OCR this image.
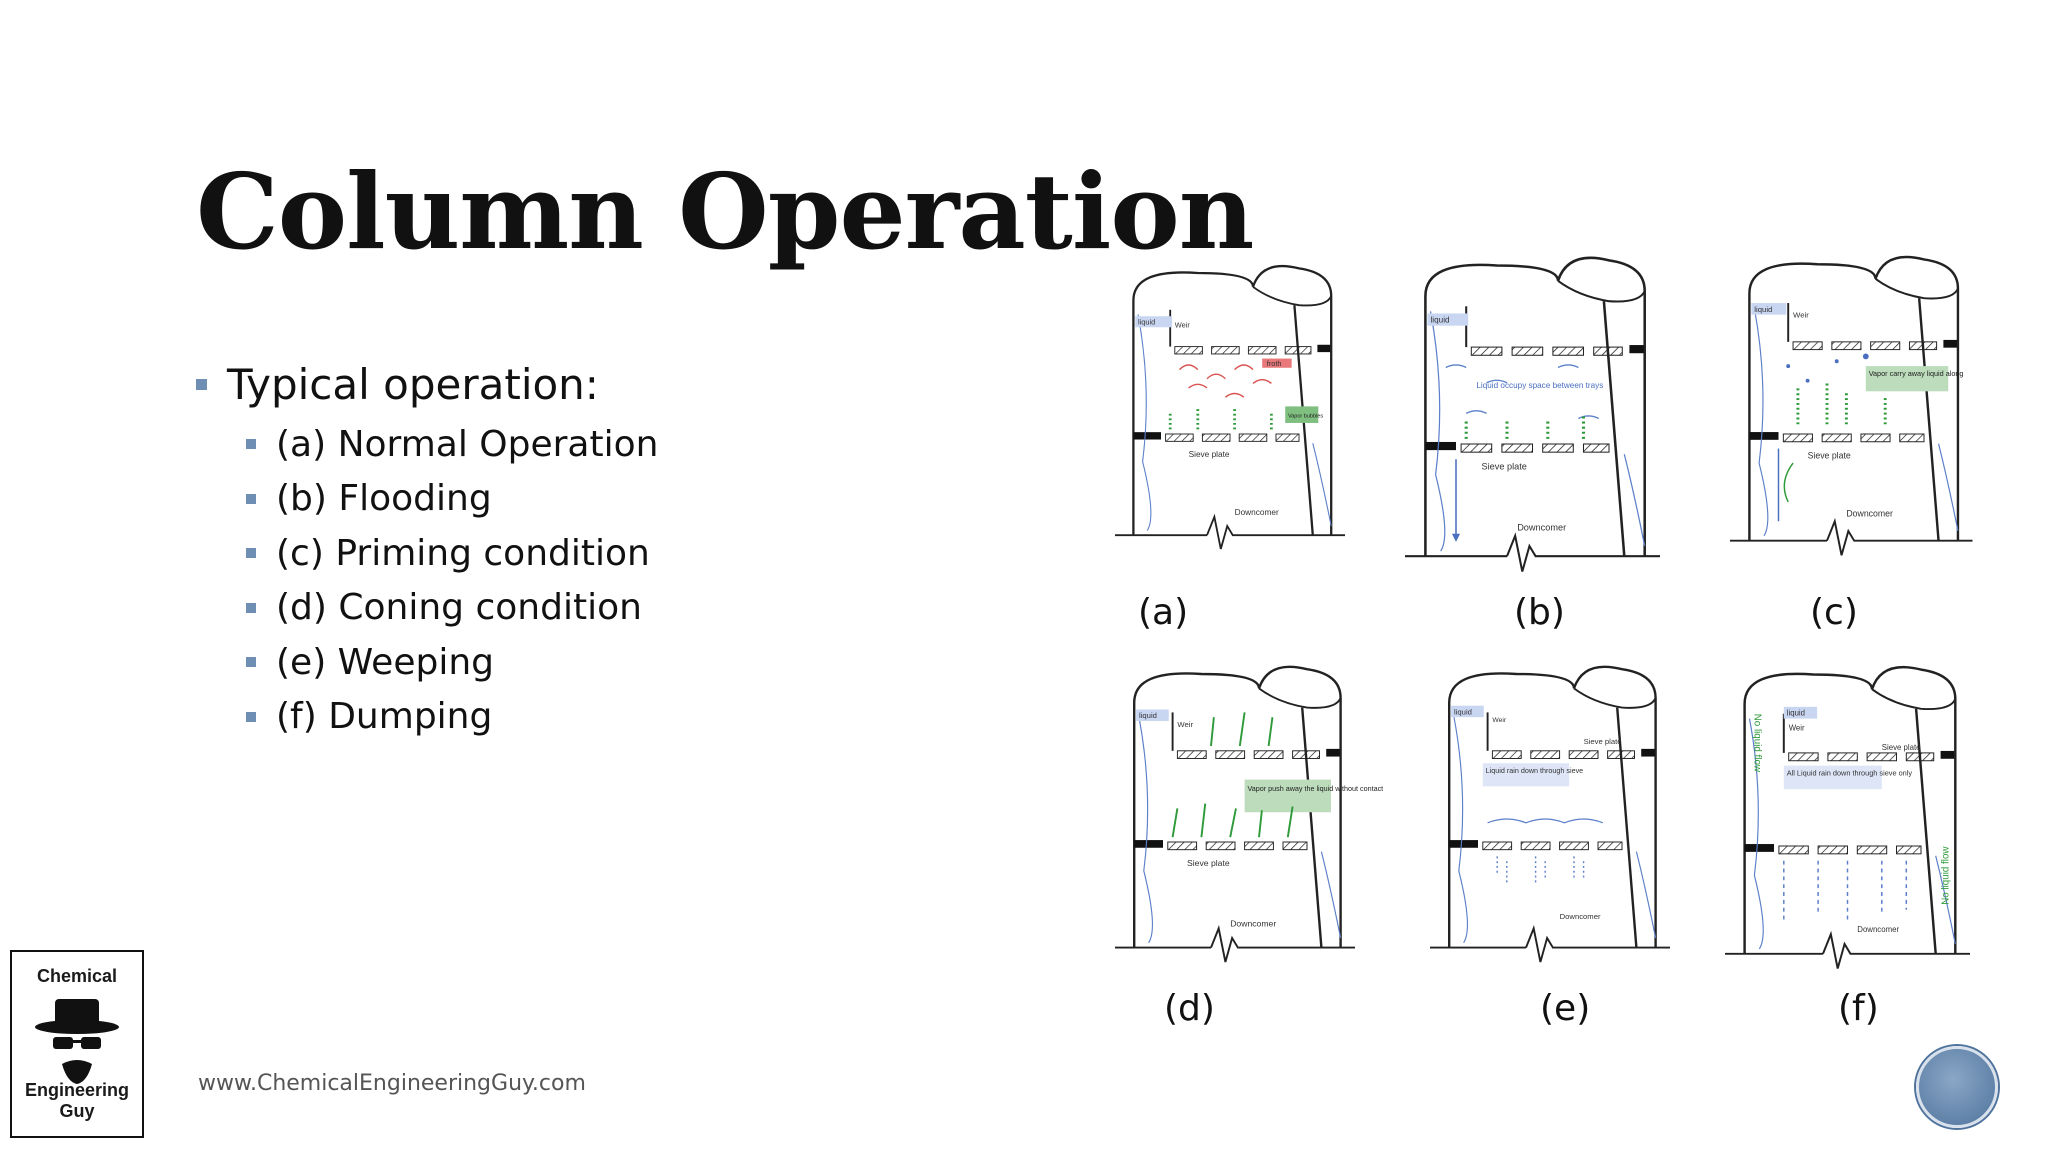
Column Operation
Typical operation:
(a) Normal Operation
(b) Flooding
(c) Priming condition
(d) Coning condition
(e) Weeping
(f) Dumping
liquid Weir
froth
Vapor bubbles
Sieve plate
Downcomer
liquid
Liquid occupy space between trays
Sieve plate
Downcomer
liquid
Weir
Vapor carry away liquid along
Sieve plate
Downcomer
liquid
Weir
Vapor push away the liquid without contact
Sieve plate
Downcomer
liquid
Weir
Sieve plate
Liquid rain down through sieve
Downcomer
liquid
Weir
Sieve plate
No liquid flow
No liquid flow
All Liquid rain down through sieve only
Downcomer
(a)	(b)	(c)
(d)	(e)	(f)
Chemical
Engineering Guy
www.ChemicalEngineeringGuy.com
